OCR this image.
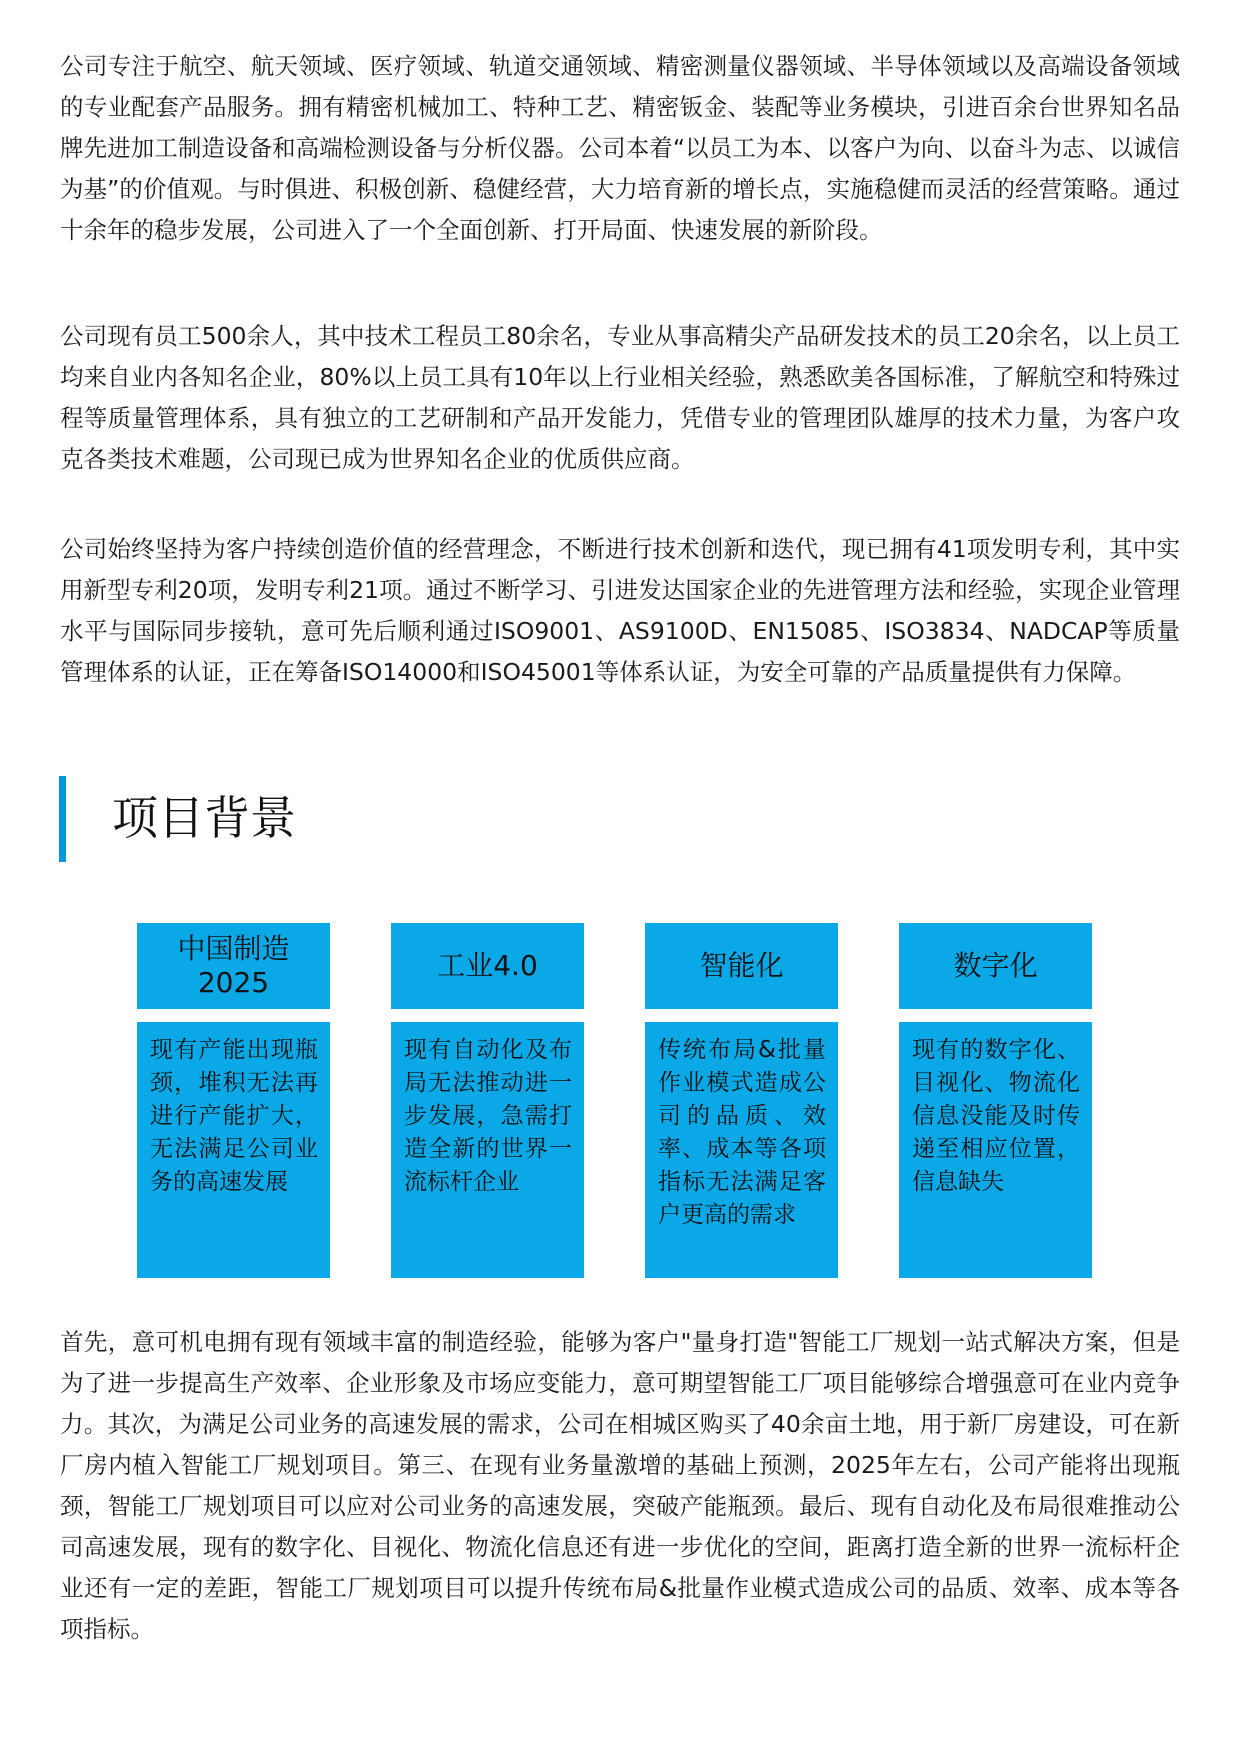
公司专注于航空、航天领域、医疗领域、轨道交通领域、精密测量仪器领域、半导体领域以及高端设备领域的专业配套产品服务。拥有精密机械加工、特种工艺、精密钣金、装配等业务模块，引进百余台世界知名品牌先进加工制造设备和高端检测设备与分析仪器。公司本着“以员工为本、以客户为向、以奋斗为志、以诚信为基”的价值观。与时俱进、积极创新、稳健经营，大力培育新的增长点，实施稳健而灵活的经营策略。通过十余年的稳步发展，公司进入了一个全面创新、打开局面、快速发展的新阶段。

公司现有员工500余人，其中技术工程员工80余名，专业从事高精尖产品研发技术的员工20余名，以上员工均来自业内各知名企业，80%以上员工具有10年以上行业相关经验，熟悉欧美各国标准，了解航空和特殊过程等质量管理体系，具有独立的工艺研制和产品开发能力，凭借专业的管理团队雄厚的技术力量，为客户攻克各类技术难题，公司现已成为世界知名企业的优质供应商。

公司始终坚持为客户持续创造价值的经营理念，不断进行技术创新和迭代，现已拥有41项发明专利，其中实用新型专利20项，发明专利21项。通过不断学习、引进发达国家企业的先进管理方法和经验，实现企业管理水平与国际同步接轨，意可先后顺利通过ISO9001、AS9100D、EN15085、ISO3834、NADCAP等质量管理体系的认证，正在筹备ISO14000和ISO45001等体系认证，为安全可靠的产品质量提供有力保障。

项目背景
中国制造2025
现有产能出现瓶颈，堆积无法再进行产能扩大，无法满足公司业务的高速发展
工业4.0
现有自动化及布局无法推动进一步发展，急需打造全新的世界一流标杆企业
智能化
传统布局&批量作业模式造成公司的品质、效率、成本等各项指标无法满足客户更高的需求
数字化
现有的数字化、目视化、物流化信息没能及时传递至相应位置，信息缺失

首先，意可机电拥有现有领域丰富的制造经验，能够为客户"量身打造"智能工厂规划一站式解决方案，但是为了进一步提高生产效率、企业形象及市场应变能力，意可期望智能工厂项目能够综合增强意可在业内竞争力。其次，为满足公司业务的高速发展的需求，公司在相城区购买了40余亩土地，用于新厂房建设，可在新厂房内植入智能工厂规划项目。第三、在现有业务量激增的基础上预测，2025年左右，公司产能将出现瓶颈，智能工厂规划项目可以应对公司业务的高速发展，突破产能瓶颈。最后、现有自动化及布局很难推动公司高速发展，现有的数字化、目视化、物流化信息还有进一步优化的空间，距离打造全新的世界一流标杆企业还有一定的差距，智能工厂规划项目可以提升传统布局&批量作业模式造成公司的品质、效率、成本等各项指标。
